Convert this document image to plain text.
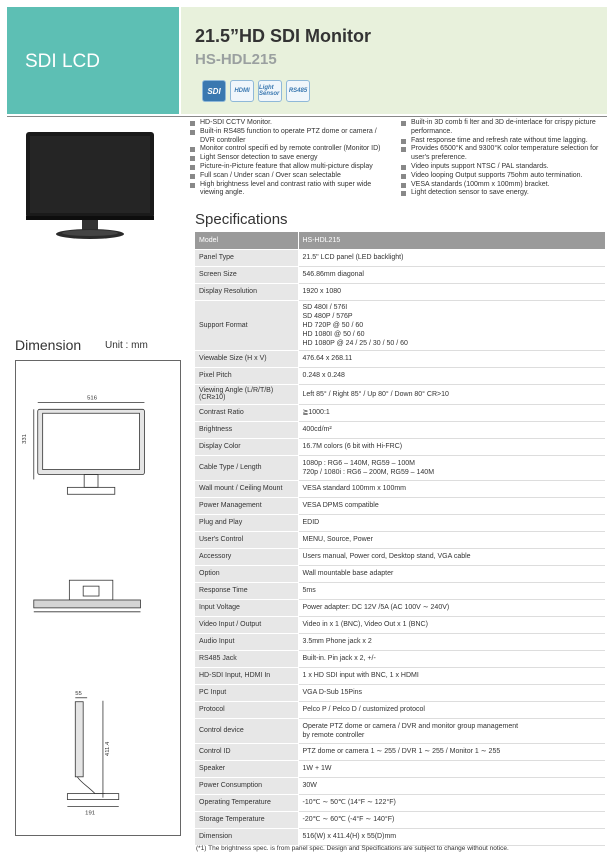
SDI LCD
21.5”HD SDI Monitor
HS-HDL215
SDI	HDMI	Light Sensor	RS485
HD-SDI CCTV Monitor.
Built-in RS485 function to operate PTZ dome or camera / DVR controller
Monitor control specifi ed by remote controller (Monitor ID)
Light Sensor detection to save energy
Picture-in-Picture feature that allow multi-picture display
Full scan / Under scan / Over scan selectable
High brightness level and contrast ratio with super wide viewing angle.
Built-in 3D comb fi lter and 3D de-interlace for crispy picture performance.
Fast response time and refresh rate without time lagging.
Provides 6500°K and 9300°K color temperature selection for user's preference.
Video inputs support NTSC / PAL standards.
Video looping Output supports 75ohm auto termination.
VESA standards (100mm x 100mm) bracket.
Light detection sensor to save energy.
Specifications
Dimension Unit : mm
516
331
55
411.4
191
Model	HS-HDL215

Panel Type	21.5" LCD panel (LED backlight)

Screen Size	546.86mm diagonal

Display Resolution	1920 x 1080

Support Format	SD 480I / 576I
SD 480P / 576P
HD 720P @ 50 / 60
HD 1080I @ 50 / 60
HD 1080P @ 24 / 25 / 30 / 50 / 60

Viewable Size (H x V)	476.64 x 268.11

Pixel Pitch	0.248 x 0.248

Viewing Angle (L/R/T/B) (CR≥10)	Left 85° / Right 85° / Up 80° / Down 80° CR>10

Contrast Ratio	≧1000:1

Brightness	400cd/m²

Display Color	16.7M colors (6 bit with Hi-FRC)

Cable Type / Length	1080p : RG6 – 140M, RG59 – 100M
720p / 1080i : RG6 – 200M, RG59 – 140M

Wall mount / Ceiling Mount	VESA standard 100mm x 100mm

Power Management	VESA DPMS compatible

Plug and Play	EDID

User's Control	MENU, Source, Power

Accessory	Users manual, Power cord, Desktop stand, VGA cable

Option	Wall mountable base adapter

Response Time	5ms

Input Voltage	Power adapter: DC 12V /5A (AC 100V ∼ 240V)

Video Input / Output	Video in x 1 (BNC), Video Out x 1 (BNC)

Audio Input	3.5mm Phone jack x 2

RS485 Jack	Built-in. Pin jack x 2, +/-

HD-SDI Input, HDMI In	1 x HD SDI input with BNC, 1 x HDMI

PC Input	VGA D-Sub 15Pins

Protocol	Pelco P / Pelco D / customized protocol

Control device	Operate PTZ dome or camera / DVR and monitor group management
by remote controller

Control ID	PTZ dome or camera 1 ∼ 255 / DVR 1 ∼ 255 / Monitor 1 ∼ 255

Speaker	1W + 1W

Power Consumption	30W

Operating Temperature	-10℃ ∼ 50℃ (14°F ∼ 122°F)

Storage Temperature	-20℃ ∼ 60℃ (-4°F ∼ 140°F)

Dimension	516(W) x 411.4(H) x 55(D)mm
(*1) The brightness spec. is from panel spec. Design and Specifications are subject to change without notice.
